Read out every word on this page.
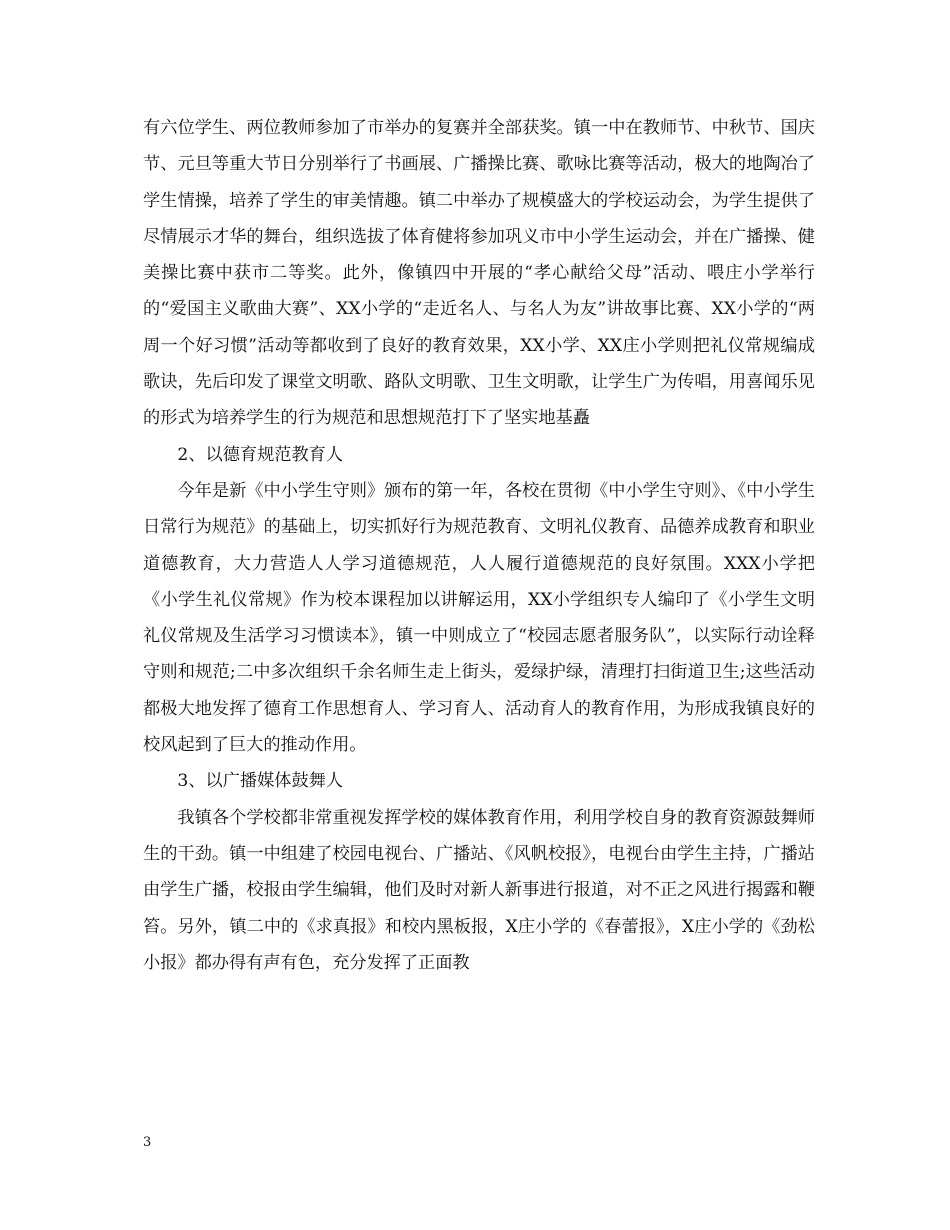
有六位学生、两位教师参加了市举办的复赛并全部获奖。镇一中在教师节、中秋节、国庆节、元旦等重大节日分别举行了书画展、广播操比赛、歌咏比赛等活动，极大的地陶冶了学生情操，培养了学生的审美情趣。镇二中举办了规模盛大的学校运动会，为学生提供了尽情展示才华的舞台，组织选拔了体育健将参加巩义市中小学生运动会，并在广播操、健美操比赛中获市二等奖。此外，像镇四中开展的“孝心献给父母”活动、喂庄小学举行的“爱国主义歌曲大赛”、XX小学的“走近名人、与名人为友”讲故事比赛、XX小学的“两周一个好习惯”活动等都收到了良好的教育效果，XX小学、XX庄小学则把礼仪常规编成歌诀，先后印发了课堂文明歌、路队文明歌、卫生文明歌，让学生广为传唱，用喜闻乐见的形式为培养学生的行为规范和思想规范打下了坚实地基矗

2、以德育规范教育人

今年是新《中小学生守则》颁布的第一年，各校在贯彻《中小学生守则》、《中小学生日常行为规范》的基础上，切实抓好行为规范教育、文明礼仪教育、品德养成教育和职业道德教育，大力营造人人学习道德规范，人人履行道德规范的良好氛围。XXX小学把《小学生礼仪常规》作为校本课程加以讲解运用，XX小学组织专人编印了《小学生文明礼仪常规及生活学习习惯读本》，镇一中则成立了“校园志愿者服务队”，以实际行动诠释守则和规范;二中多次组织千余名师生走上街头，爱绿护绿，清理打扫街道卫生;这些活动都极大地发挥了德育工作思想育人、学习育人、活动育人的教育作用，为形成我镇良好的校风起到了巨大的推动作用。

3、以广播媒体鼓舞人

我镇各个学校都非常重视发挥学校的媒体教育作用，利用学校自身的教育资源鼓舞师生的干劲。镇一中组建了校园电视台、广播站、《风帆校报》，电视台由学生主持，广播站由学生广播，校报由学生编辑，他们及时对新人新事进行报道，对不正之风进行揭露和鞭笞。另外，镇二中的《求真报》和校内黑板报，X庄小学的《春蕾报》，X庄小学的《劲松小报》都办得有声有色，充分发挥了正面教

3
